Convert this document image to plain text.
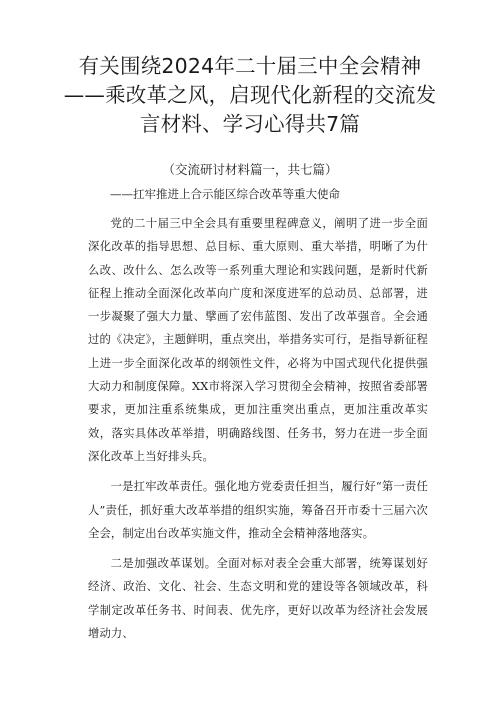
有关围绕2024年二十届三中全会精神——乘改革之风，启现代化新程的交流发言材料、学习心得共7篇
（交流研讨材料篇一，共七篇）
——扛牢推进上合示能区综合改革等重大使命

党的二十届三中全会具有重要里程碑意义，阐明了进一步全面深化改革的指导思想、总目标、重大原则、重大举措，明晰了为什么改、改什么、怎么改等一系列重大理论和实践问题，是新时代新征程上推动全面深化改革向广度和深度进军的总动员、总部署，进一步凝聚了强大力量、擘画了宏伟蓝图、发出了改革强音。全会通过的《决定》，主题鲜明，重点突出，举措务实可行，是指导新征程上进一步全面深化改革的纲领性文件，必将为中国式现代化提供强大动力和制度保障。XX市将深入学习贯彻全会精神，按照省委部署要求，更加注重系统集成，更加注重突出重点，更加注重改革实效，落实具体改革举措，明确路线图、任务书，努力在进一步全面深化改革上当好排头兵。

一是扛牢改革责任。强化地方党委责任担当，履行好“第一责任人”责任，抓好重大改革举措的组织实施，筹备召开市委十三届六次全会，制定出台改革实施文件，推动全会精神落地落实。

二是加强改革谋划。全面对标对表全会重大部署，统筹谋划好经济、政治、文化、社会、生态文明和党的建设等各领域改革，科学制定改革任务书、时间表、优先序，更好以改革为经济社会发展增动力、
